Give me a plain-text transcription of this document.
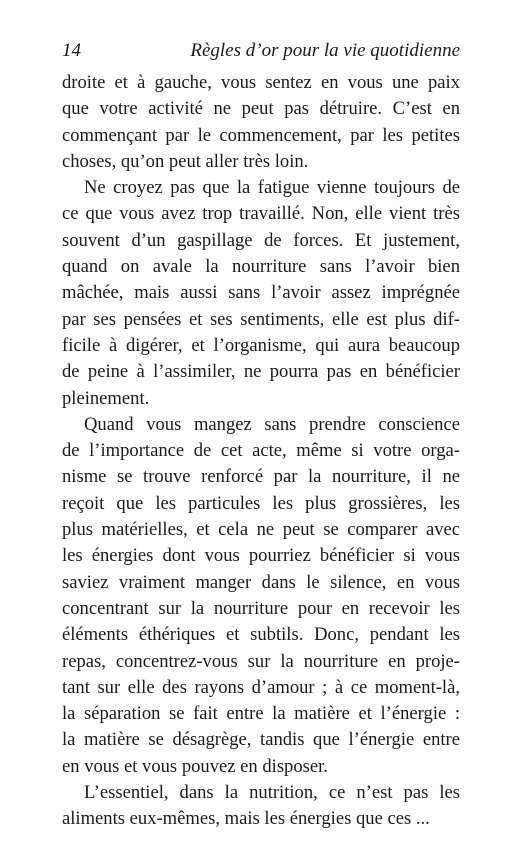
14	Règles d’or pour la vie quotidienne
droite et à gauche, vous sentez en vous une paix
que votre activité ne peut pas détruire. C’est en
commençant par le commencement, par les petites
choses, qu’on peut aller très loin.
Ne croyez pas que la fatigue vienne toujours de
ce que vous avez trop travaillé. Non, elle vient très
souvent d’un gaspillage de forces. Et justement,
quand on avale la nourriture sans l’avoir bien
mâchée, mais aussi sans l’avoir assez imprégnée
par ses pensées et ses sentiments, elle est plus dif-
ficile à digérer, et l’organisme, qui aura beaucoup
de peine à l’assimiler, ne pourra pas en bénéficier
pleinement.
Quand vous mangez sans prendre conscience
de l’importance de cet acte, même si votre orga-
nisme se trouve renforcé par la nourriture, il ne
reçoit que les particules les plus grossières, les
plus matérielles, et cela ne peut se comparer avec
les énergies dont vous pourriez bénéficier si vous
saviez vraiment manger dans le silence, en vous
concentrant sur la nourriture pour en recevoir les
éléments éthériques et subtils. Donc, pendant les
repas, concentrez-vous sur la nourriture en proje-
tant sur elle des rayons d’amour ; à ce moment-là,
la séparation se fait entre la matière et l’énergie :
la matière se désagrège, tandis que l’énergie entre
en vous et vous pouvez en disposer.
L’essentiel, dans la nutrition, ce n’est pas les
aliments eux-mêmes, mais les énergies que ces ...
